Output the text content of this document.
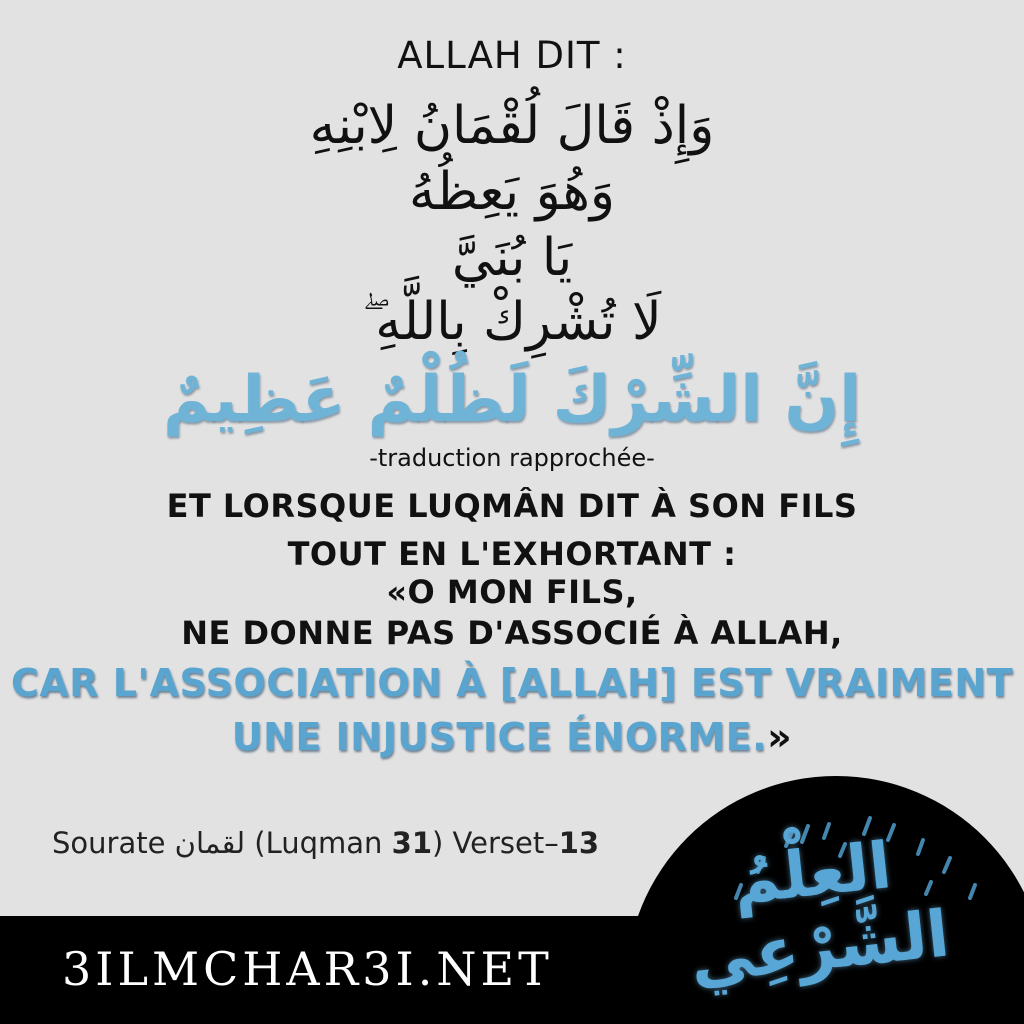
ALLAH DIT :
وَإِذْ قَالَ لُقْمَانُ لِابْنِهِ
وَهُوَ يَعِظُهُ
يَا بُنَيَّ
لَا تُشْرِكْ بِاللَّهِ ۖ
إِنَّ الشِّرْكَ لَظُلْمٌ عَظِيمٌ
-traduction rapprochée-
ET LORSQUE LUQMÂN DIT À SON FILS
TOUT EN L'EXHORTANT :
«O MON FILS,
NE DONNE PAS D'ASSOCIÉ À ALLAH,
CAR L'ASSOCIATION À [ALLAH] EST VRAIMENT
UNE INJUSTICE ÉNORME.»
Sourate لقمان (Luqman 31) Verset–13
3ILMCHAR3I.NET
العِلْمُ
الشَّرْعِي
